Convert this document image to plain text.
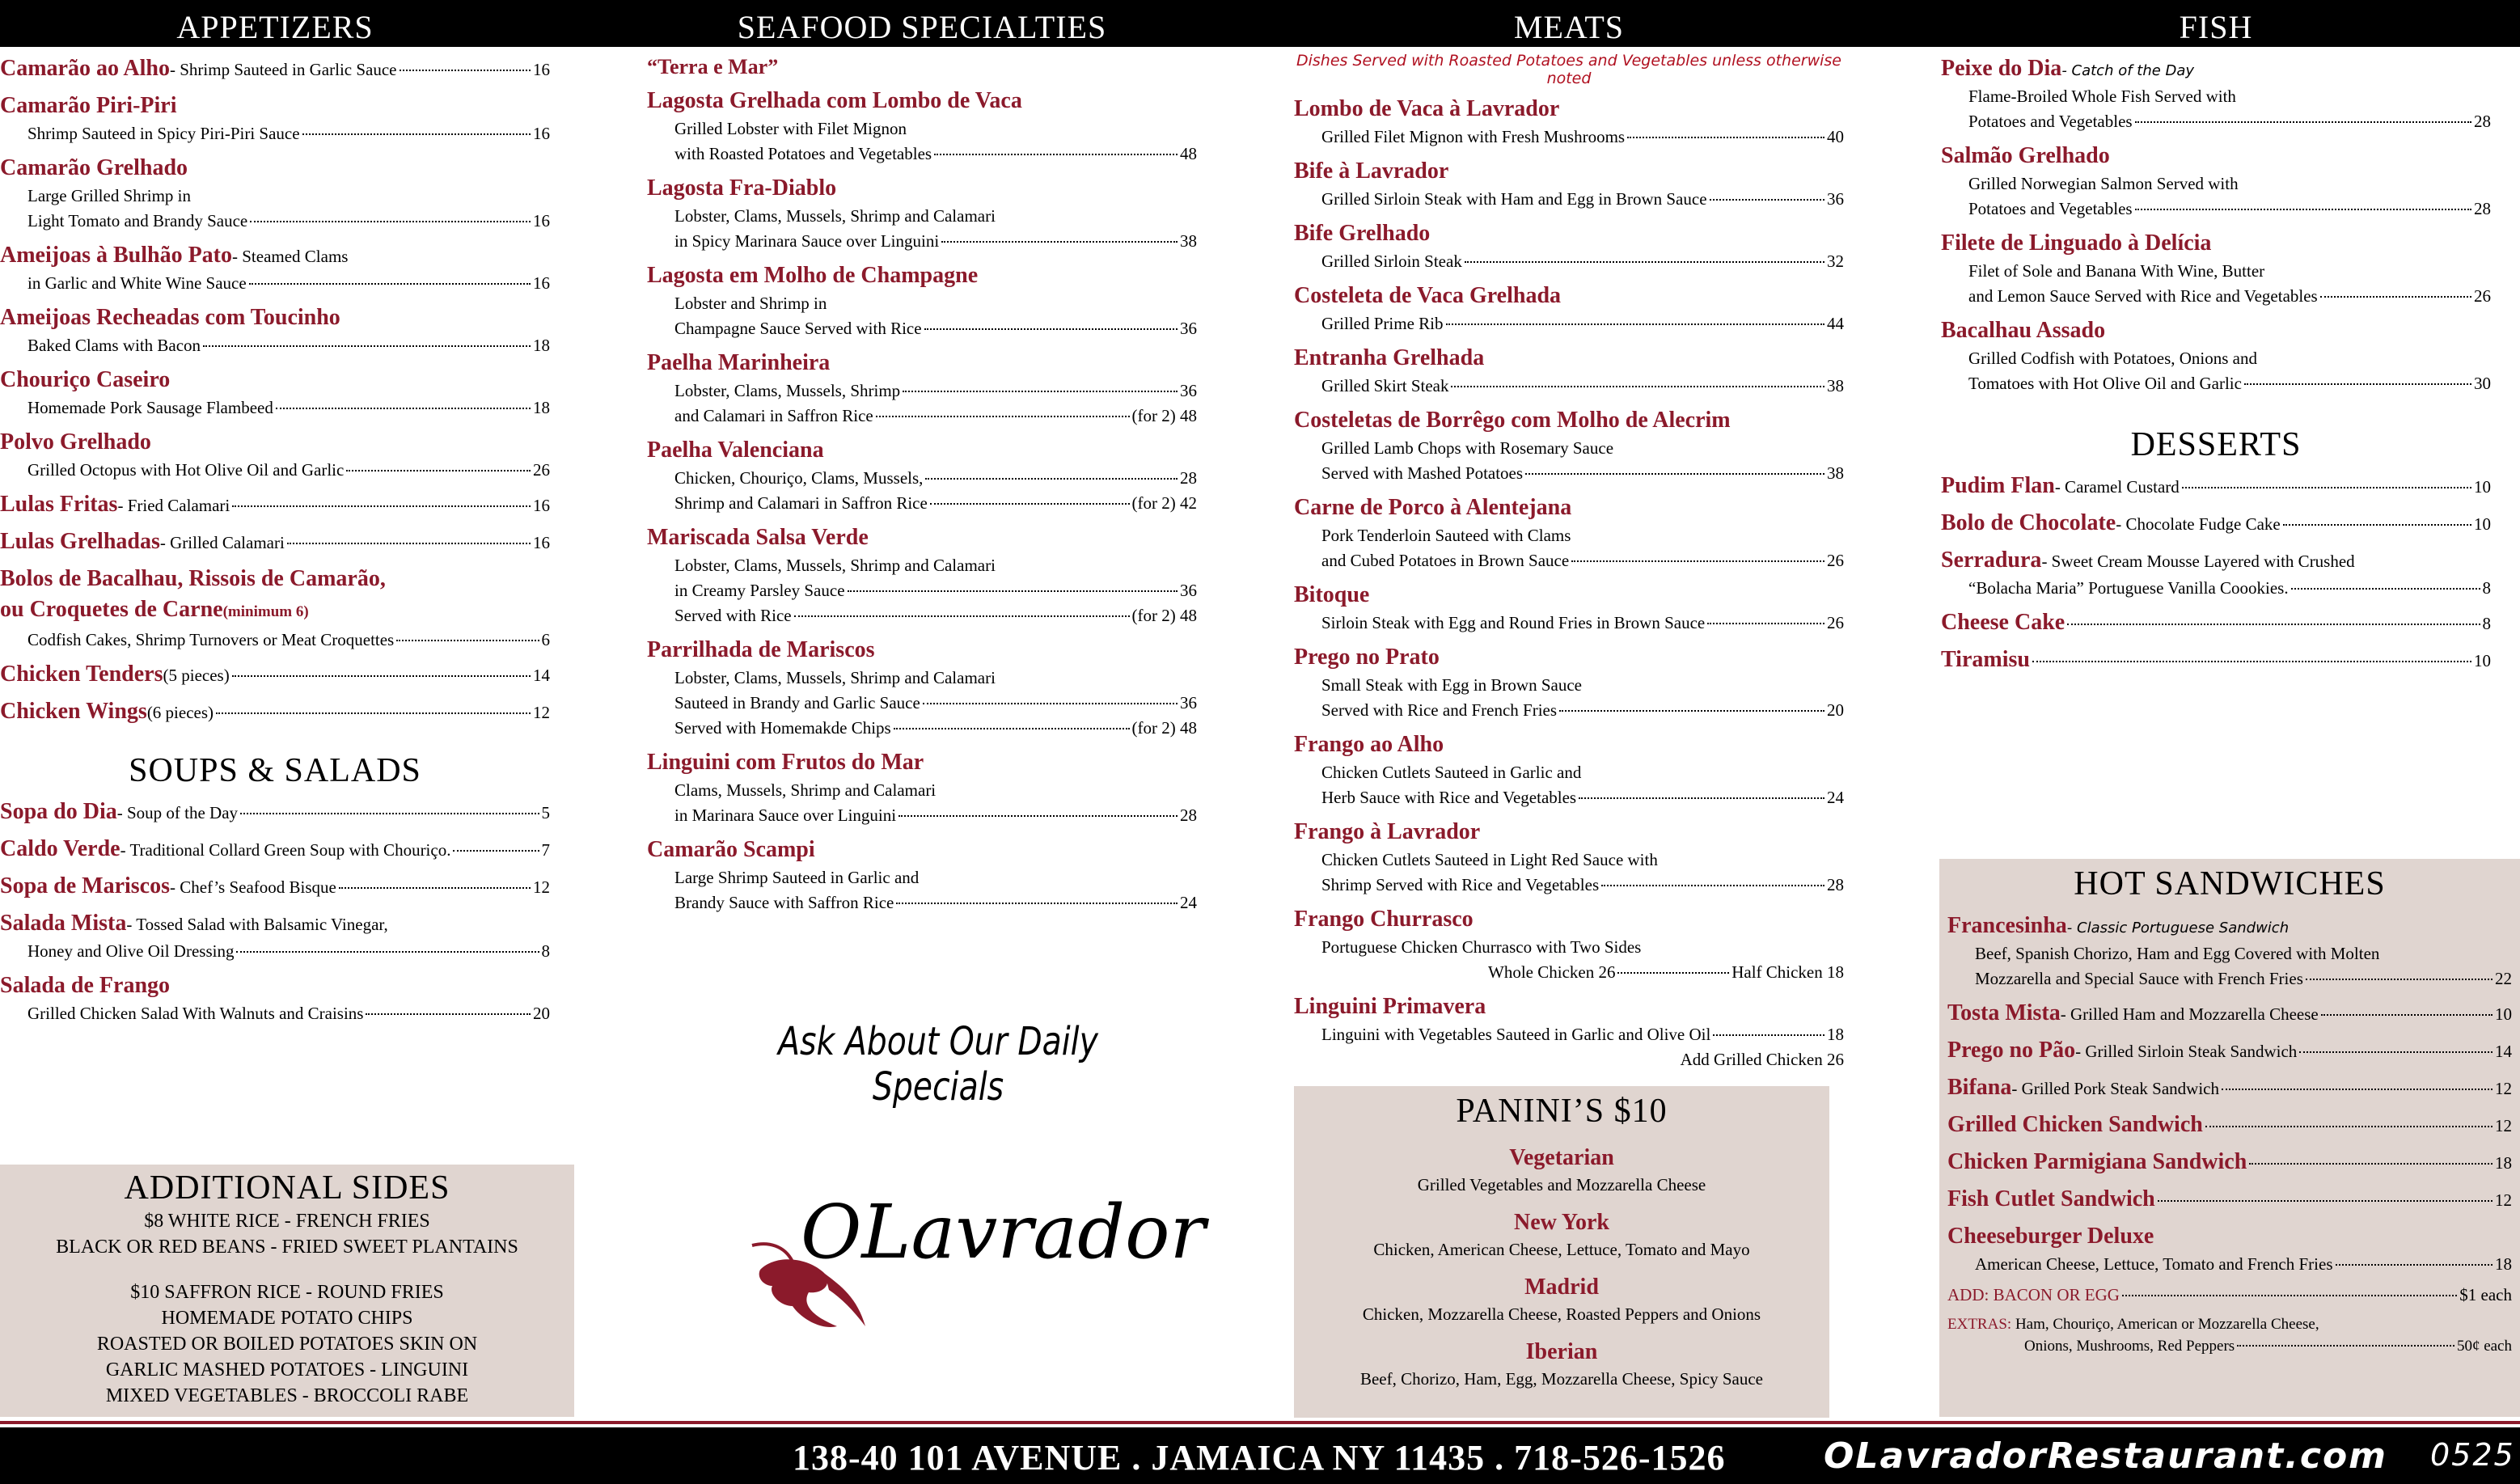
APPETIZERS
Camarão ao Alho - Shrimp Sauteed in Garlic Sauce	16
Camarão Piri-Piri
Shrimp Sauteed in Spicy Piri-Piri Sauce	16
Camarão Grelhado
Large Grilled Shrimp in
Light Tomato and Brandy Sauce	16
Ameijoas à Bulhão Pato - Steamed Clams
in Garlic and White Wine Sauce	16
Ameijoas Recheadas com Toucinho
Baked Clams with Bacon	18
Chouriço Caseiro
Homemade Pork Sausage Flambeed	18
Polvo Grelhado
Grilled Octopus with Hot Olive Oil and Garlic	26
Lulas Fritas - Fried Calamari	16
Lulas Grelhadas - Grilled Calamari	16
Bolos de Bacalhau, Rissois de Camarão,
ou Croquetes de Carne (minimum 6)
Codfish Cakes, Shrimp Turnovers or Meat Croquettes	6
Chicken Tenders (5 pieces)	14
Chicken Wings (6 pieces)	12
SOUPS & SALADS
Sopa do Dia - Soup of the Day	5
Caldo Verde - Traditional Collard Green Soup with Chouriço.	7
Sopa de Mariscos - Chef’s Seafood Bisque	12
Salada Mista - Tossed Salad with Balsamic Vinegar,
Honey and Olive Oil Dressing	8
Salada de Frango
Grilled Chicken Salad With Walnuts and Craisins	20
ADDITIONAL SIDES
$8 WHITE RICE - FRENCH FRIES
BLACK OR RED BEANS - FRIED SWEET PLANTAINS
$10 SAFFRON RICE - ROUND FRIES
HOMEMADE POTATO CHIPS
ROASTED OR BOILED POTATOES SKIN ON
GARLIC MASHED POTATOES - LINGUINI
MIXED VEGETABLES - BROCCOLI RABE
SEAFOOD SPECIALTIES
“Terra e Mar”
Lagosta Grelhada com Lombo de Vaca
Grilled Lobster with Filet Mignon
with Roasted Potatoes and Vegetables	48
Lagosta Fra-Diablo
Lobster, Clams, Mussels, Shrimp and Calamari
in Spicy Marinara Sauce over Linguini	38
Lagosta em Molho de Champagne
Lobster and Shrimp in
Champagne Sauce Served with Rice	36
Paelha Marinheira
Lobster, Clams, Mussels, Shrimp	36
and Calamari in Saffron Rice	(for 2) 48
Paelha Valenciana
Chicken, Chouriço, Clams, Mussels,	28
Shrimp and Calamari in Saffron Rice	(for 2) 42
Mariscada Salsa Verde
Lobster, Clams, Mussels, Shrimp and Calamari
in Creamy Parsley Sauce	36
Served with Rice	(for 2) 48
Parrilhada de Mariscos
Lobster, Clams, Mussels, Shrimp and Calamari
Sauteed in Brandy and Garlic Sauce	36
Served with Homemakde Chips	(for 2) 48
Linguini com Frutos do Mar
Clams, Mussels, Shrimp and Calamari
in Marinara Sauce over Linguini	28
Camarão Scampi
Large Shrimp Sauteed in Garlic and
Brandy Sauce with Saffron Rice	24
Ask About Our Daily Specials
OLavrador
MEATS
Dishes Served with Roasted Potatoes and Vegetables unless otherwise noted
Lombo de Vaca à Lavrador
Grilled Filet Mignon with Fresh Mushrooms	40
Bife à Lavrador
Grilled Sirloin Steak with Ham and Egg in Brown Sauce	36
Bife Grelhado
Grilled Sirloin Steak	32
Costeleta de Vaca Grelhada
Grilled Prime Rib	44
Entranha Grelhada
Grilled Skirt Steak	38
Costeletas de Borrêgo com Molho de Alecrim
Grilled Lamb Chops with Rosemary Sauce
Served with Mashed Potatoes	38
Carne de Porco à Alentejana
Pork Tenderloin Sauteed with Clams
and Cubed Potatoes in Brown Sauce	26
Bitoque
Sirloin Steak with Egg and Round Fries in Brown Sauce	26
Prego no Prato
Small Steak with Egg in Brown Sauce
Served with Rice and French Fries	20
Frango ao Alho
Chicken Cutlets Sauteed in Garlic and
Herb Sauce with Rice and Vegetables	24
Frango à Lavrador
Chicken Cutlets Sauteed in Light Red Sauce with
Shrimp Served with Rice and Vegetables	28
Frango Churrasco
Portuguese Chicken Churrasco with Two Sides
Whole Chicken 26	Half Chicken 18
Linguini Primavera
Linguini with Vegetables Sauteed in Garlic and Olive Oil	18
Add Grilled Chicken 26
PANINI’S $10
Vegetarian
Grilled Vegetables and Mozzarella Cheese
New York
Chicken, American Cheese, Lettuce, Tomato and Mayo
Madrid
Chicken, Mozzarella Cheese, Roasted Peppers and Onions
Iberian
Beef, Chorizo, Ham, Egg, Mozzarella Cheese, Spicy Sauce
FISH
Peixe do Dia - Catch of the Day
Flame-Broiled Whole Fish Served with
Potatoes and Vegetables	28
Salmão Grelhado
Grilled Norwegian Salmon Served with
Potatoes and Vegetables	28
Filete de Linguado à Delícia
Filet of Sole and Banana With Wine, Butter
and Lemon Sauce Served with Rice and Vegetables	26
Bacalhau Assado
Grilled Codfish with Potatoes, Onions and
Tomatoes with Hot Olive Oil and Garlic	30
DESSERTS
Pudim Flan - Caramel Custard	10
Bolo de Chocolate - Chocolate Fudge Cake	10
Serradura - Sweet Cream Mousse Layered with Crushed
“Bolacha Maria” Portuguese Vanilla Coookies.	8
Cheese Cake	8
Tiramisu	10
HOT SANDWICHES
Francesinha - Classic Portuguese Sandwich
Beef, Spanish Chorizo, Ham and Egg Covered with Molten
Mozzarella and Special Sauce with French Fries	22
Tosta Mista - Grilled Ham and Mozzarella Cheese	10
Prego no Pão - Grilled Sirloin Steak Sandwich	14
Bifana - Grilled Pork Steak Sandwich	12
Grilled Chicken Sandwich	12
Chicken Parmigiana Sandwich	18
Fish Cutlet Sandwich	12
Cheeseburger Deluxe
American Cheese, Lettuce, Tomato and French Fries	18
ADD: BACON OR EGG	$1 each
EXTRAS: Ham, Chouriço, American or Mozzarella Cheese,
Onions, Mushrooms, Red Peppers	50¢ each
138-40 101 AVENUE . JAMAICA NY 11435 . 718-526-1526	OLavradorRestaurant.com 0525
